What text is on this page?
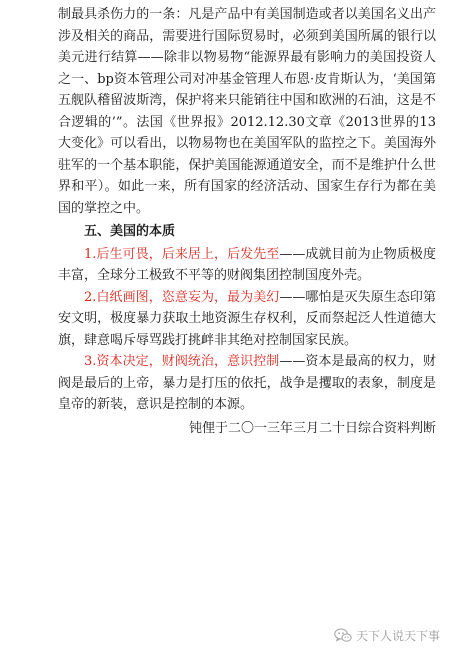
制最具杀伤力的一条：凡是产品中有美国制造或者以美国名义出产涉及相关的商品，需要进行国际贸易时，必须到美国所属的银行以美元进行结算——除非以物易物“能源界最有影响力的美国投资人之一、bp资本管理公司对冲基金管理人布恩·皮肯斯认为，‘美国第五舰队稽留波斯湾，保护将来只能销往中国和欧洲的石油，这是不合逻辑的’”。法国《世界报》2012.12.30文章《2013世界的13大变化》可以看出，以物易物也在美国军队的监控之下。美国海外驻军的一个基本职能，保护美国能源通道安全，而不是维护什么世界和平）。如此一来，所有国家的经济活动、国家生存行为都在美国的掌控之中。

五、美国的本质

1.后生可畏，后来居上，后发先至——成就目前为止物质极度丰富，全球分工极致不平等的财阀集团控制国度外壳。

2.白纸画图，恣意妄为，最为美幻——哪怕是灭失原生态印第安文明，极度暴力获取土地资源生存权利，反而祭起泛人性道德大旗，肆意喝斥辱骂践打挑衅非其绝对控制国家民族。

3.资本决定，财阀统治，意识控制——资本是最高的权力，财阀是最后的上帝，暴力是打压的依托，战争是攫取的表象，制度是皇帝的新装，意识是控制的本源。

钝俚于二〇一三年三月二十日综合资料判断

天下人说天下事
